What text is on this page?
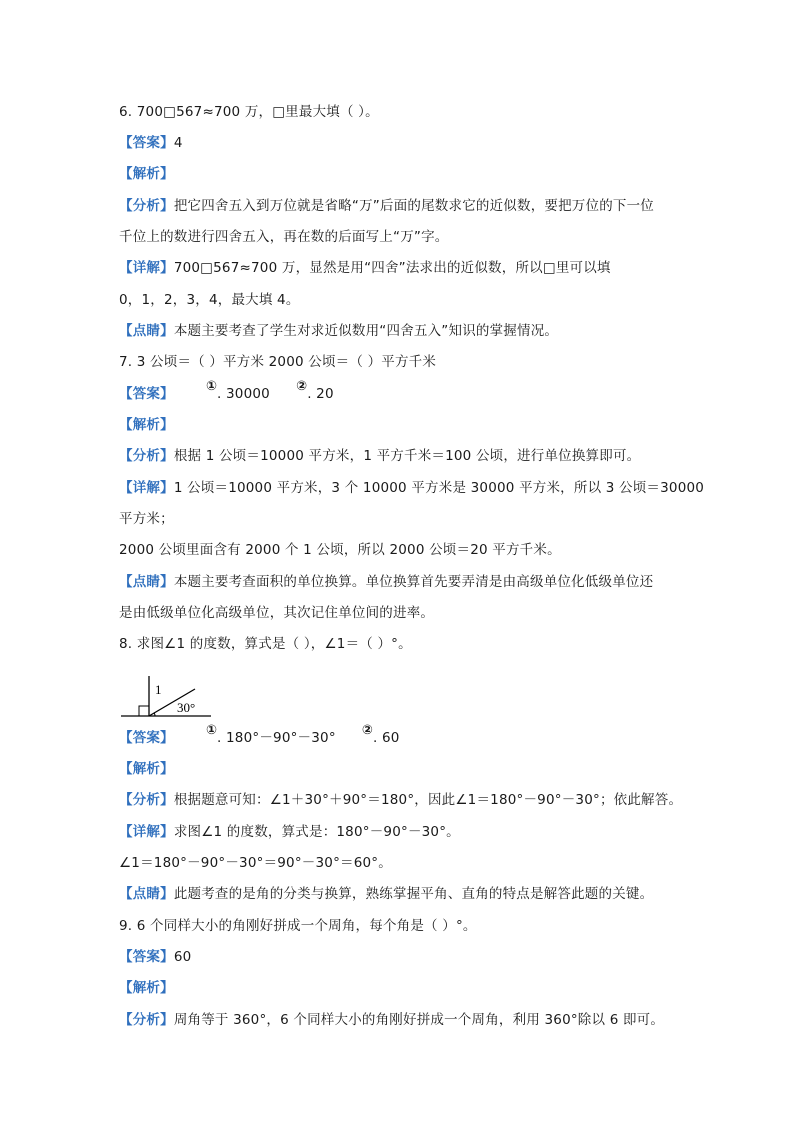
6. 700□567≈700 万，□里最大填（ ）。
【答案】4
【解析】
【分析】把它四舍五入到万位就是省略“万”后面的尾数求它的近似数，要把万位的下一位
千位上的数进行四舍五入，再在数的后面写上“万”字。
【详解】700□567≈700 万，显然是用“四舍”法求出的近似数，所以□里可以填
0，1，2，3，4，最大填 4。
【点睛】本题主要考查了学生对求近似数用“四舍五入”知识的掌握情况。
7. 3 公顷＝（ ）平方米 2000 公顷＝（ ）平方千米
【答案】 ①. 30000 ②. 20
【解析】
【分析】根据 1 公顷＝10000 平方米，1 平方千米＝100 公顷，进行单位换算即可。
【详解】1 公顷＝10000 平方米，3 个 10000 平方米是 30000 平方米，所以 3 公顷＝30000
平方米；
2000 公顷里面含有 2000 个 1 公顷，所以 2000 公顷＝20 平方千米。
【点睛】本题主要考查面积的单位换算。单位换算首先要弄清是由高级单位化低级单位还
是由低级单位化高级单位，其次记住单位间的进率。
8. 求图∠1 的度数，算式是（ ），∠1＝（ ）°。
1
30°
【答案】 ①. 180°－90°－30° ②. 60
【解析】
【分析】根据题意可知：∠1＋30°＋90°＝180°，因此∠1＝180°－90°－30°；依此解答。
【详解】求图∠1 的度数，算式是：180°－90°－30°。
∠1＝180°－90°－30°＝90°－30°＝60°。
【点睛】此题考查的是角的分类与换算，熟练掌握平角、直角的特点是解答此题的关键。
9. 6 个同样大小的角刚好拼成一个周角，每个角是（ ）°。
【答案】60
【解析】
【分析】周角等于 360°，6 个同样大小的角刚好拼成一个周角，利用 360°除以 6 即可。
